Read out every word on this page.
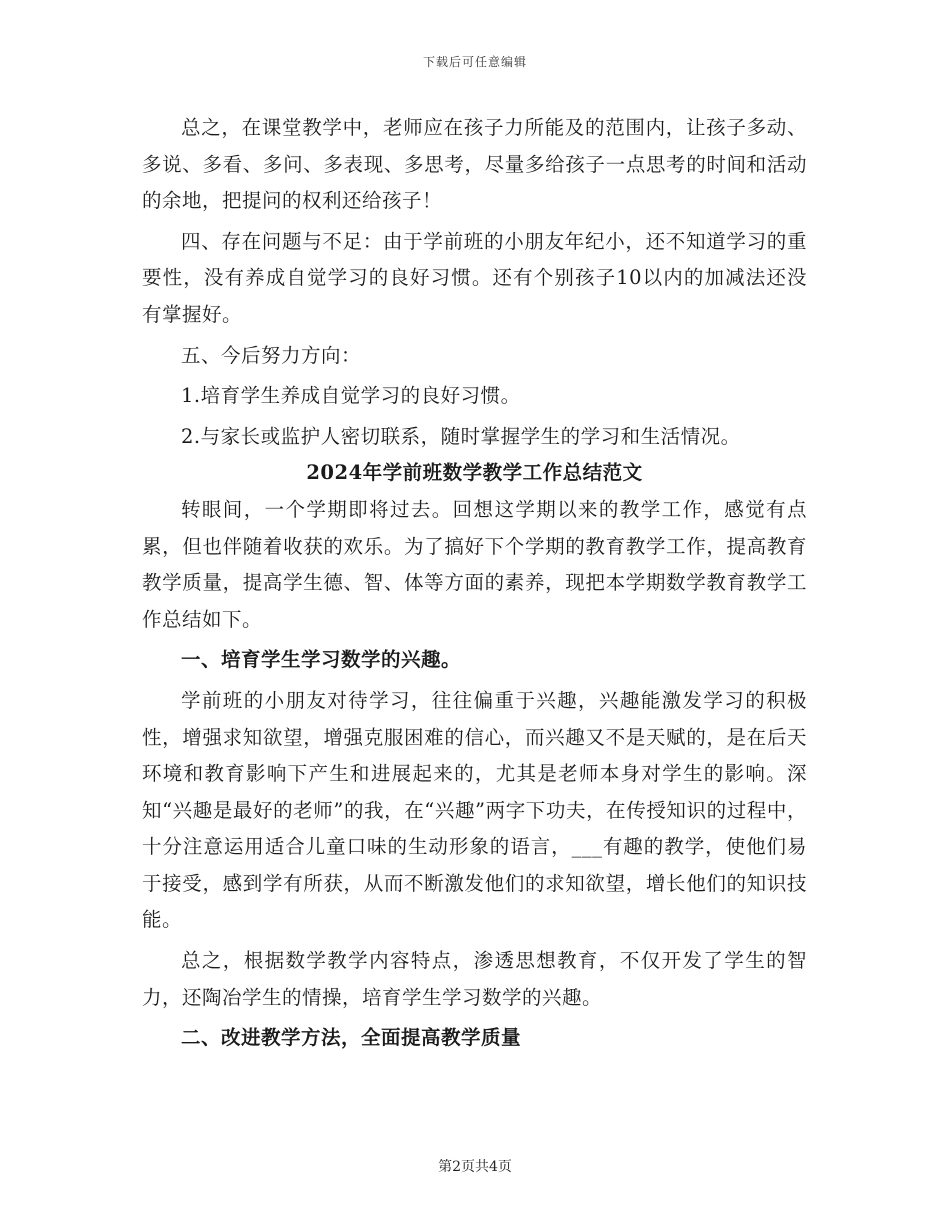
下载后可任意编辑

总之，在课堂教学中，老师应在孩子力所能及的范围内，让孩子多动、多说、多看、多问、多表现、多思考，尽量多给孩子一点思考的时间和活动的余地，把提问的权利还给孩子！

四、存在问题与不足：由于学前班的小朋友年纪小，还不知道学习的重要性，没有养成自觉学习的良好习惯。还有个别孩子10以内的加减法还没有掌握好。

五、今后努力方向：

1.培育学生养成自觉学习的良好习惯。

2.与家长或监护人密切联系，随时掌握学生的学习和生活情况。

2024年学前班数学教学工作总结范文

转眼间，一个学期即将过去。回想这学期以来的教学工作，感觉有点累，但也伴随着收获的欢乐。为了搞好下个学期的教育教学工作，提高教育教学质量，提高学生德、智、体等方面的素养，现把本学期数学教育教学工作总结如下。

一、培育学生学习数学的兴趣。

学前班的小朋友对待学习，往往偏重于兴趣，兴趣能激发学习的积极性，增强求知欲望，增强克服困难的信心，而兴趣又不是天赋的，是在后天环境和教育影响下产生和进展起来的，尤其是老师本身对学生的影响。深知“兴趣是最好的老师”的我，在“兴趣”两字下功夫，在传授知识的过程中，十分注意运用适合儿童口味的生动形象的语言，___有趣的教学，使他们易于接受，感到学有所获，从而不断激发他们的求知欲望，增长他们的知识技能。

总之，根据数学教学内容特点，渗透思想教育，不仅开发了学生的智力，还陶冶学生的情操，培育学生学习数学的兴趣。

二、改进教学方法，全面提高教学质量

第2页共4页
